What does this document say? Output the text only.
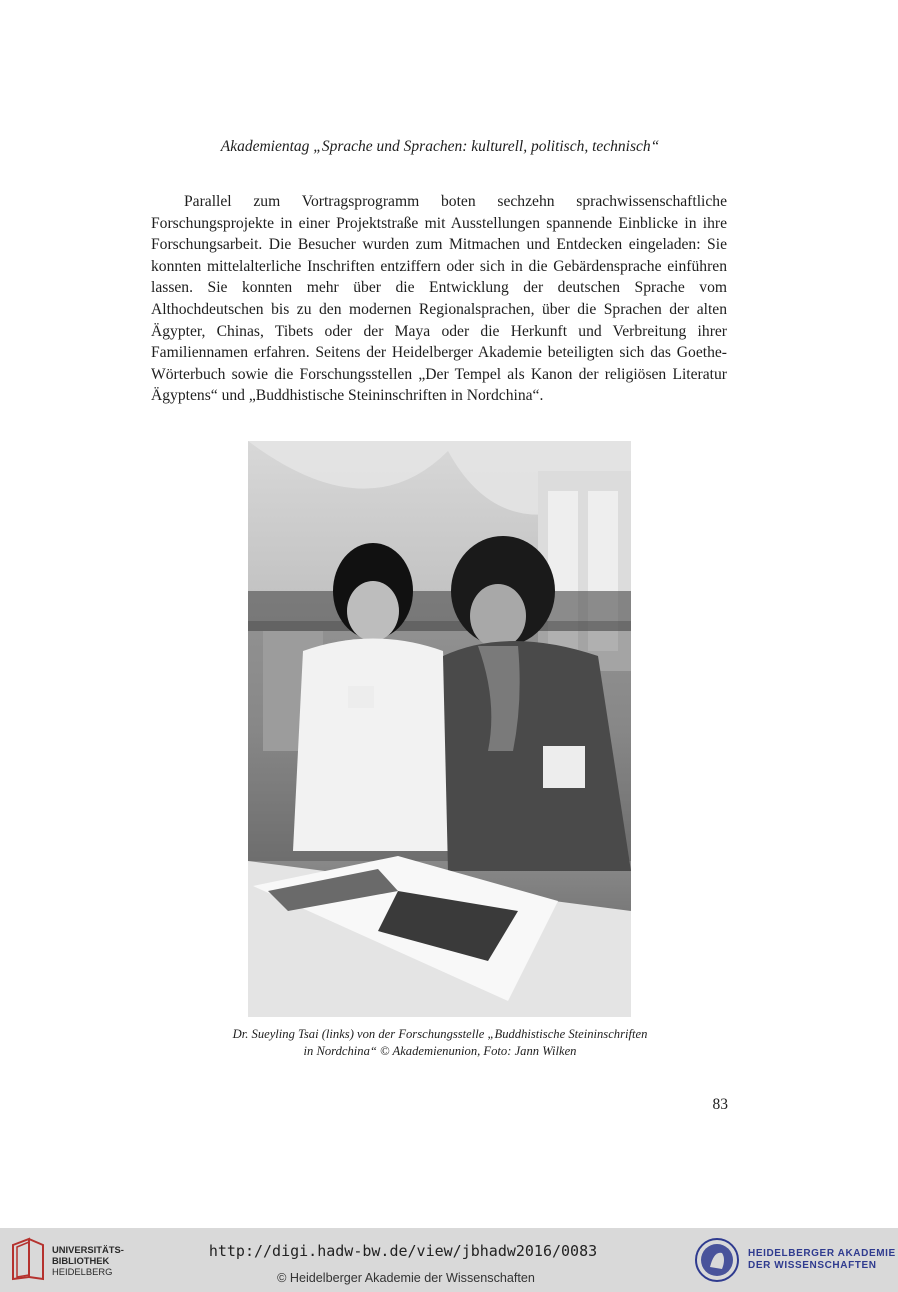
Akademientag „Sprache und Sprachen: kulturell, politisch, technisch“

Parallel zum Vortragsprogramm boten sechzehn sprachwissenschaftliche Forschungsprojekte in einer Projektstraße mit Ausstellungen spannende Einblicke in ihre Forschungsarbeit. Die Besucher wurden zum Mitmachen und Entdecken eingeladen: Sie konnten mittelalterliche Inschriften entziffern oder sich in die Gebärdensprache einführen lassen. Sie konnten mehr über die Entwicklung der deutschen Sprache vom Althochdeutschen bis zu den modernen Regionalsprachen, über die Sprachen der alten Ägypter, Chinas, Tibets oder der Maya oder die Herkunft und Verbreitung ihrer Familiennamen erfahren. Seitens der Heidelberger Akademie beteiligten sich das Goethe-Wörterbuch sowie die Forschungsstellen „Der Tempel als Kanon der religiösen Literatur Ägyptens“ und „Buddhistische Steininschriften in Nordchina“.

Dr. Sueyling Tsai (links) von der Forschungsstelle „Buddhistische Steininschriften
in Nordchina“ © Akademienunion, Foto: Jann Wilken
83
UNIVERSITÄTS-
BIBLIOTHEK
HEIDELBERG
http://digi.hadw-bw.de/view/jbhadw2016/0083
© Heidelberger Akademie der Wissenschaften
HEIDELBERGER AKADEMIE
DER WISSENSCHAFTEN
